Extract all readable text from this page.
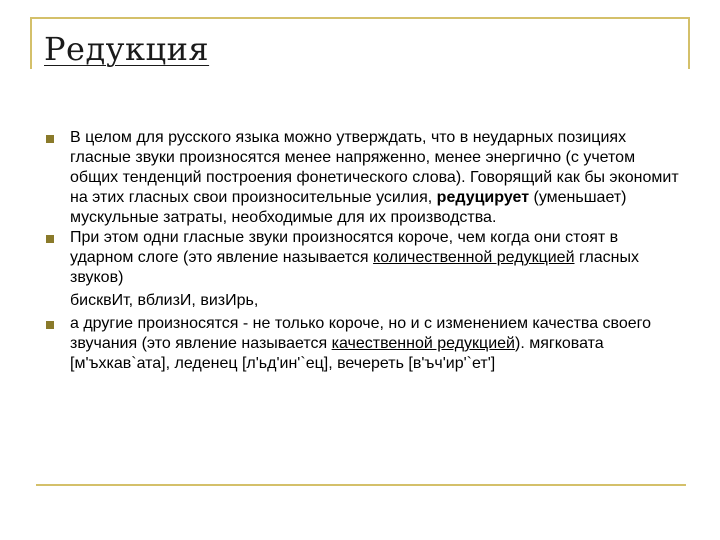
Редукция
В целом для русского языка можно утверждать, что в неударных позициях гласные звуки произносятся менее напряженно, менее энергично (с учетом общих тенденций построения фонетического слова). Говорящий как бы экономит на этих гласных свои произносительные усилия, редуцирует (уменьшает) мускульные затраты, необходимые для их производства.
При этом одни гласные звуки произносятся короче, чем когда они стоят в ударном слоге (это явление называется количественной редукцией гласных звуков)
бисквИт, вблизИ, визИрь,
а другие произносятся - не только короче, но и с изменением качества своего звучания (это явление называется качественной редукцией). мягковата [м'ъхкав`ата], леденец [л'ьд'ин'`ец], вечереть [в'ъч'ир'`ет']
